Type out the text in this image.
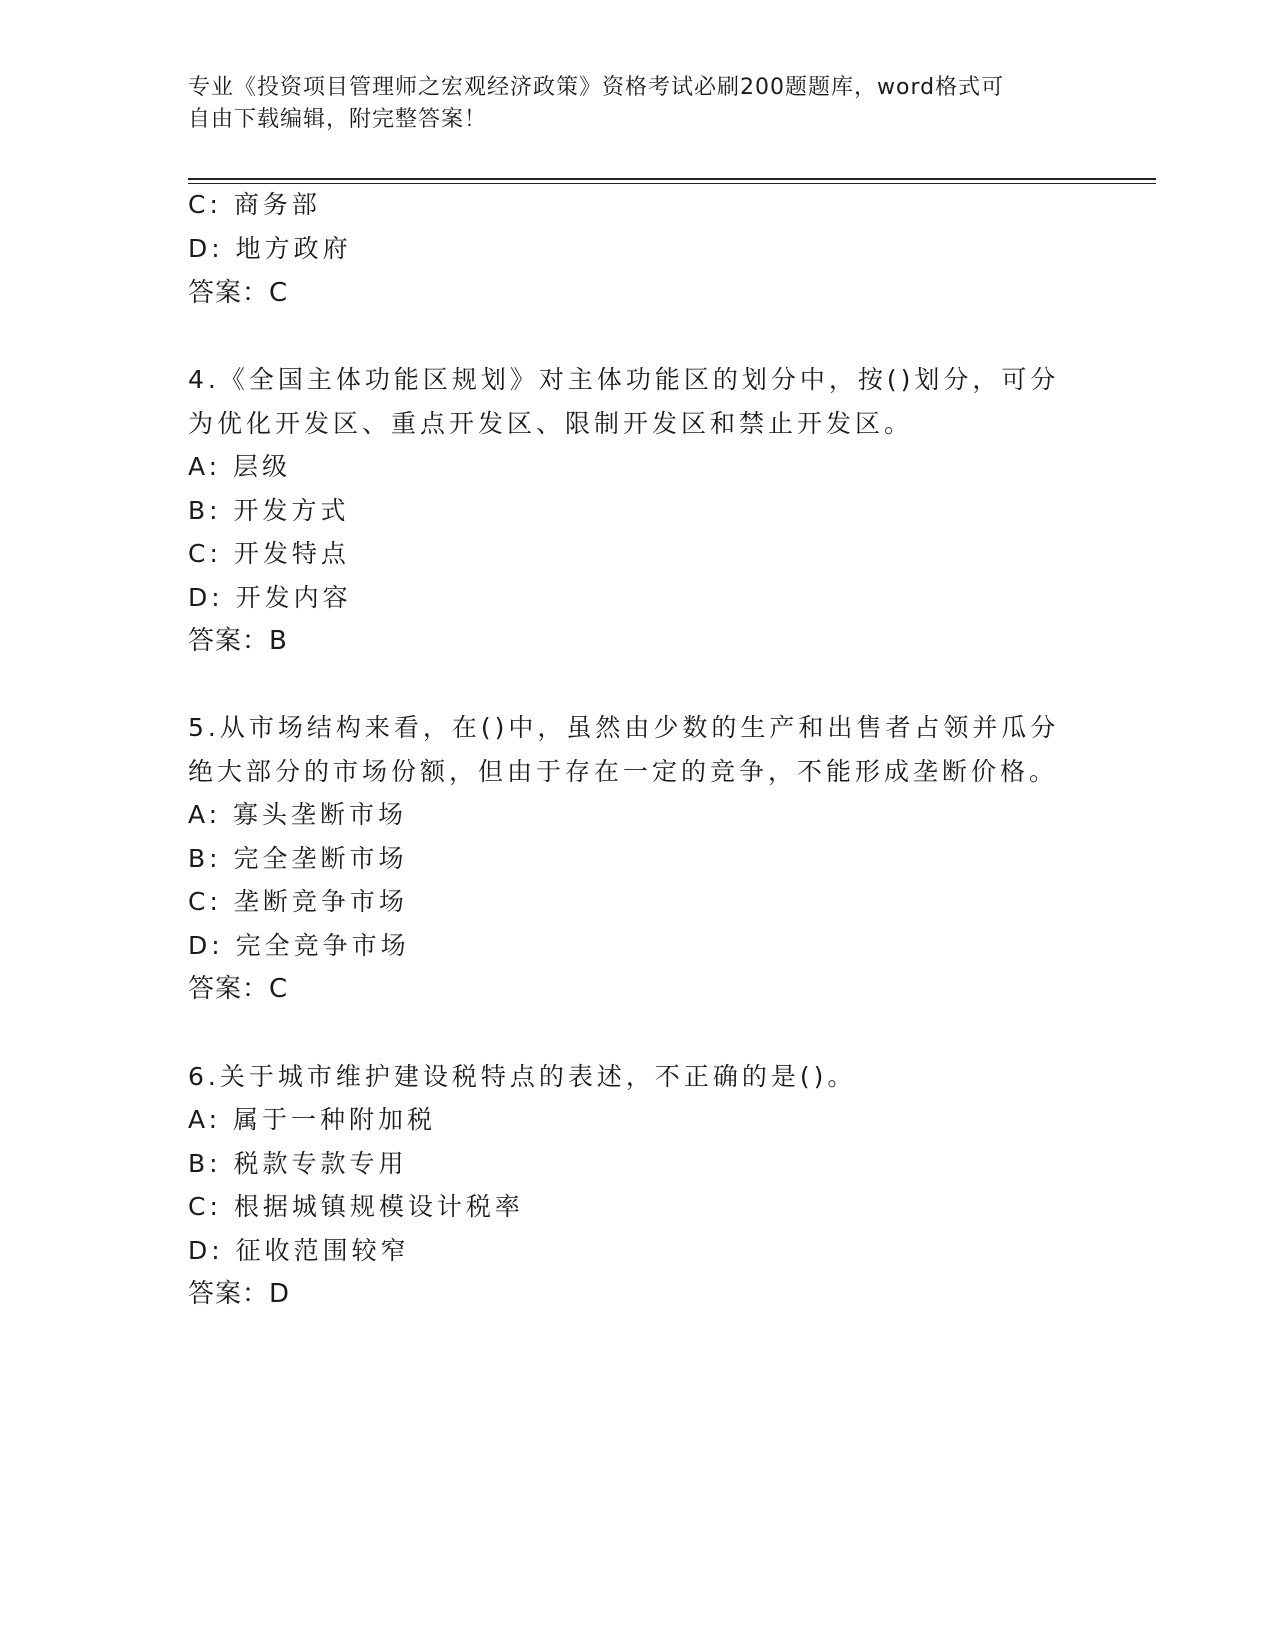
专业《投资项目管理师之宏观经济政策》资格考试必刷200题题库，word格式可
自由下载编辑，附完整答案！
C: 商务部
D: 地方政府
答案：C
4.《全国主体功能区规划》对主体功能区的划分中，按()划分，可分
为优化开发区、重点开发区、限制开发区和禁止开发区。
A: 层级
B: 开发方式
C: 开发特点
D: 开发内容
答案：B
5.从市场结构来看，在()中，虽然由少数的生产和出售者占领并瓜分
绝大部分的市场份额，但由于存在一定的竞争，不能形成垄断价格。
A: 寡头垄断市场
B: 完全垄断市场
C: 垄断竞争市场
D: 完全竞争市场
答案：C
6.关于城市维护建设税特点的表述，不正确的是()。
A: 属于一种附加税
B: 税款专款专用
C: 根据城镇规模设计税率
D: 征收范围较窄
答案：D
